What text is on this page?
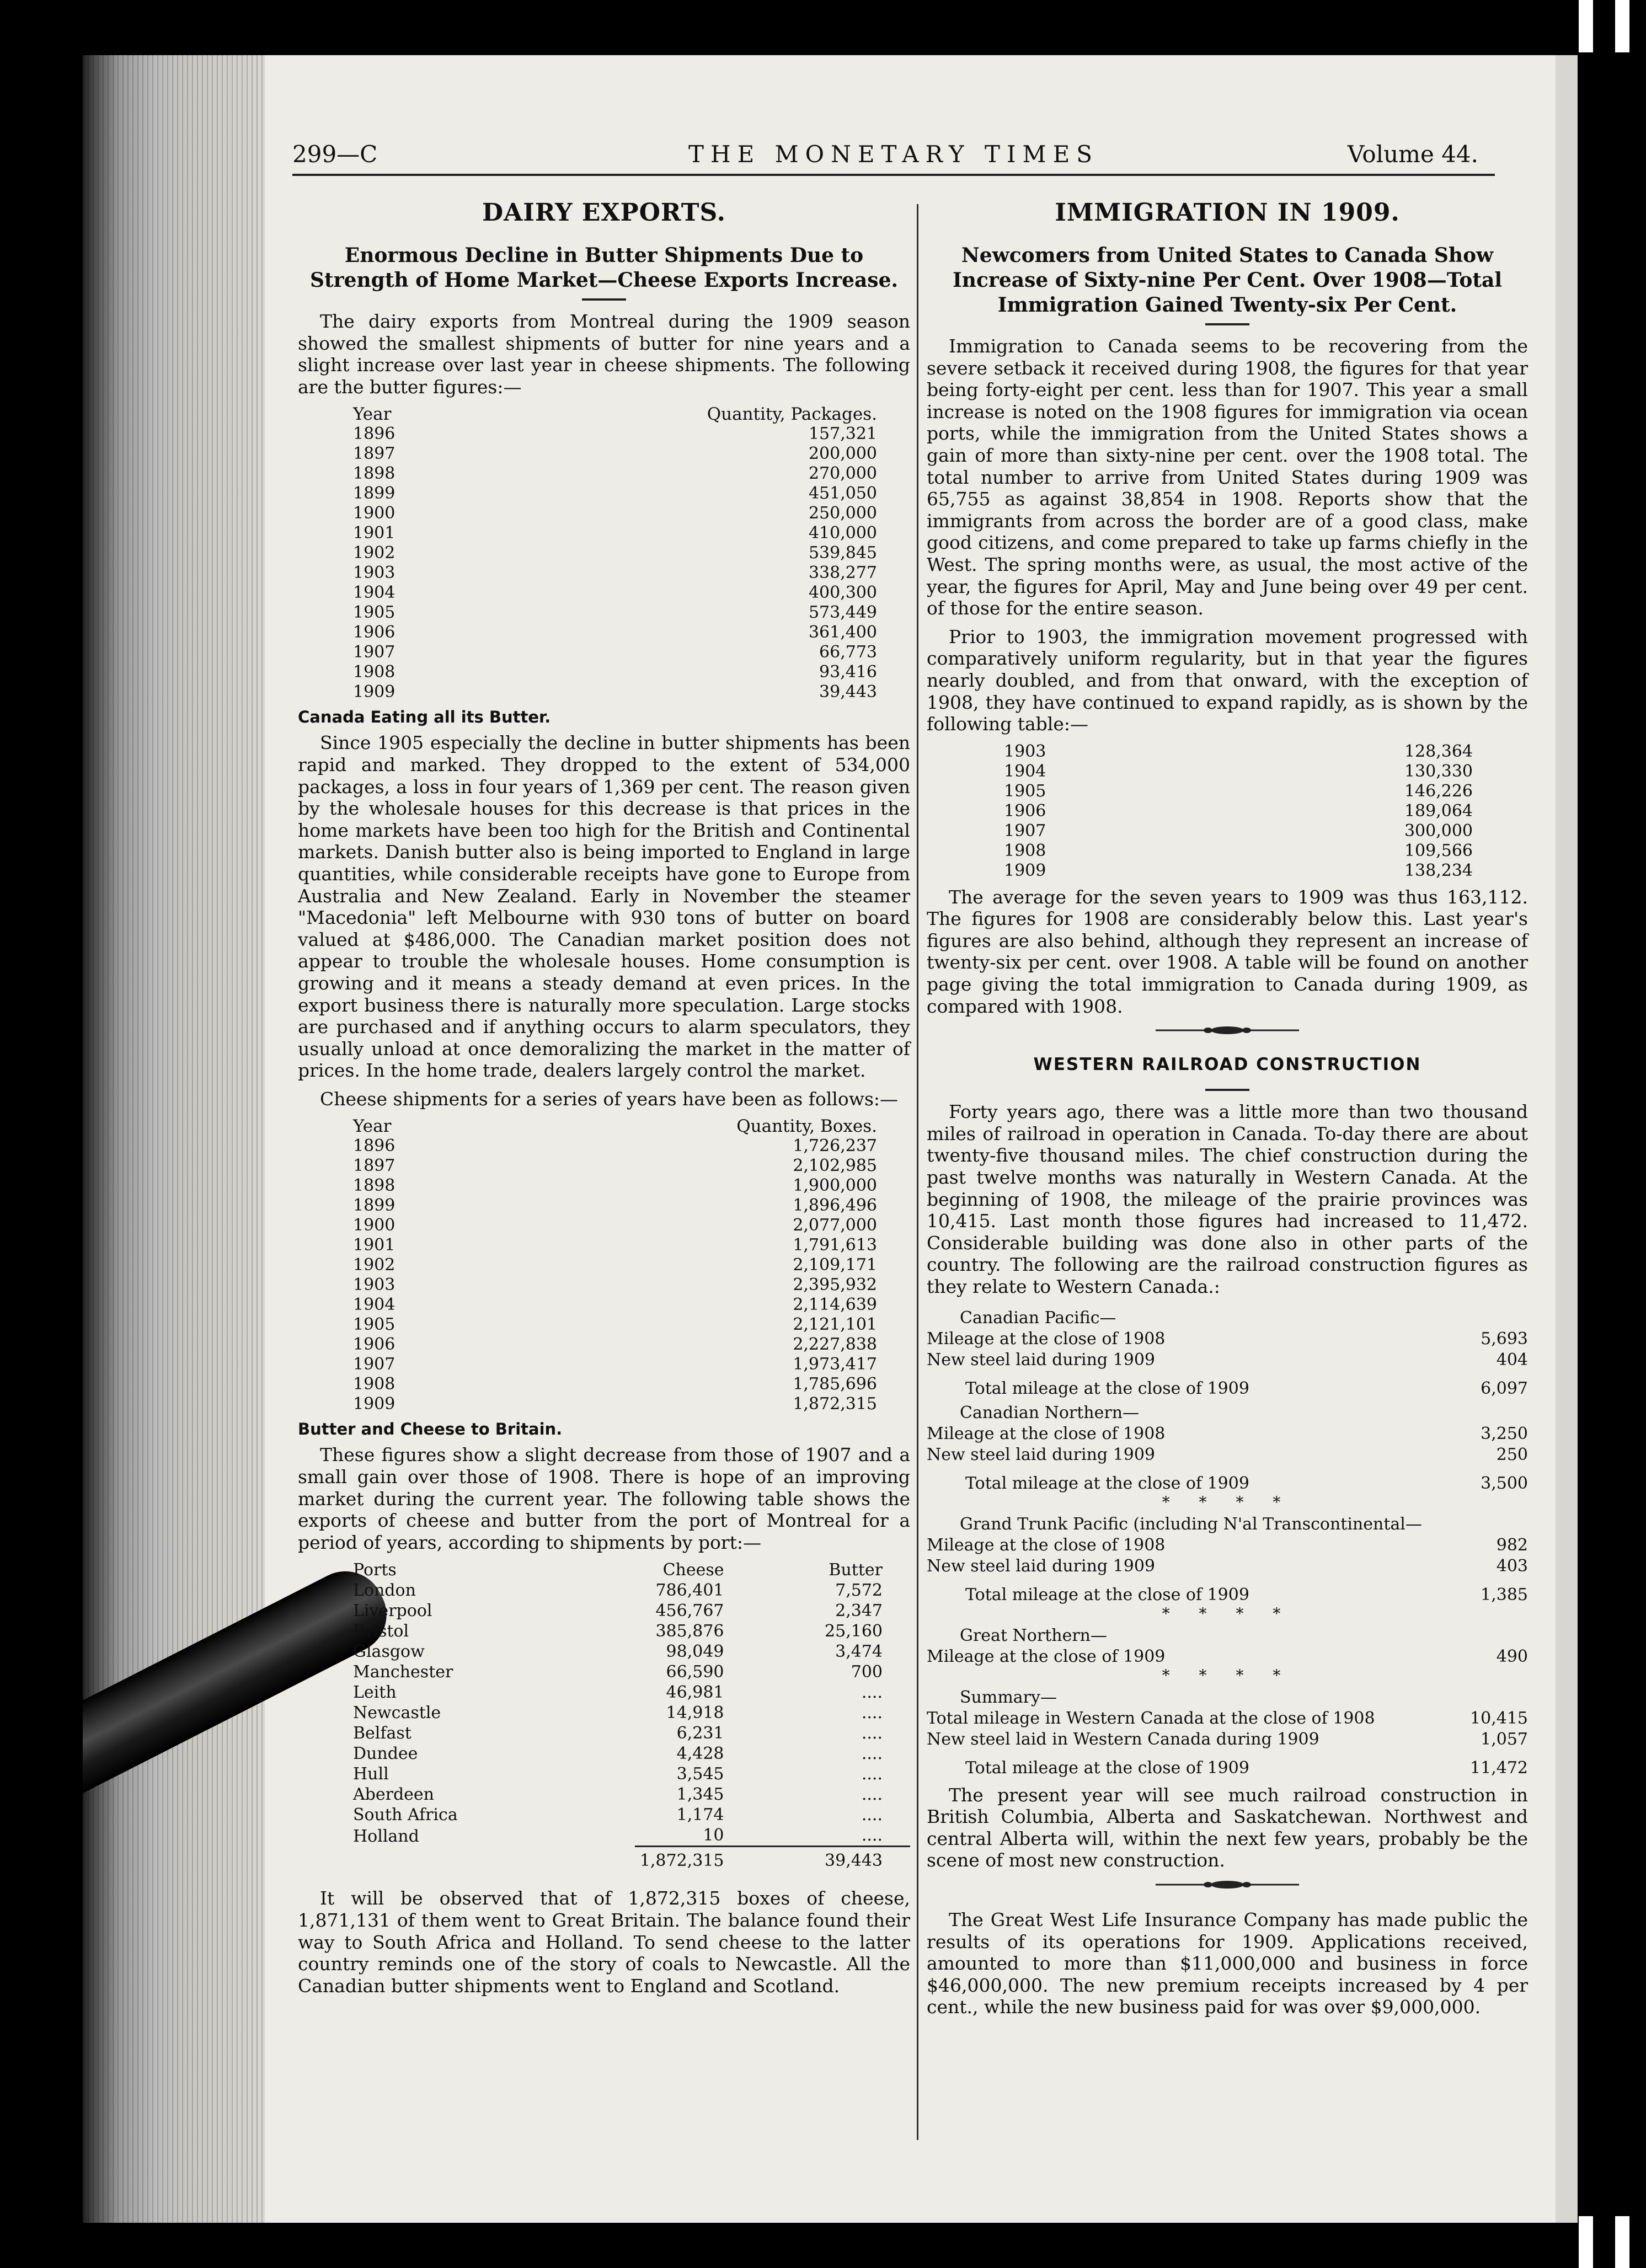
299—C	THE MONETARY TIMES	Volume 44.
DAIRY EXPORTS.
Enormous Decline in Butter Shipments Due to Strength of Home Market—Cheese Exports Increase.

The dairy exports from Montreal during the 1909 season showed the smallest shipments of butter for nine years and a slight increase over last year in cheese shipments. The following are the butter figures:—

Year	Quantity, Packages.
1896	157,321
1897	200,000
1898	270,000
1899	451,050
1900	250,000
1901	410,000
1902	539,845
1903	338,277
1904	400,300
1905	573,449
1906	361,400
1907	66,773
1908	93,416
1909	39,443
Canada Eating all its Butter.

Since 1905 especially the decline in butter shipments has been rapid and marked. They dropped to the extent of 534,000 packages, a loss in four years of 1,369 per cent. The reason given by the wholesale houses for this decrease is that prices in the home markets have been too high for the British and Continental markets. Danish butter also is being imported to England in large quantities, while considerable receipts have gone to Europe from Australia and New Zealand. Early in November the steamer "Macedonia" left Melbourne with 930 tons of butter on board valued at $486,000. The Canadian market position does not appear to trouble the wholesale houses. Home consumption is growing and it means a steady demand at even prices. In the export business there is naturally more speculation. Large stocks are purchased and if anything occurs to alarm speculators, they usually unload at once demoralizing the market in the matter of prices. In the home trade, dealers largely control the market.

Cheese shipments for a series of years have been as follows:—

Year	Quantity, Boxes.
1896	1,726,237
1897	2,102,985
1898	1,900,000
1899	1,896,496
1900	2,077,000
1901	1,791,613
1902	2,109,171
1903	2,395,932
1904	2,114,639
1905	2,121,101
1906	2,227,838
1907	1,973,417
1908	1,785,696
1909	1,872,315
Butter and Cheese to Britain.

These figures show a slight decrease from those of 1907 and a small gain over those of 1908. There is hope of an improving market during the current year. The following table shows the exports of cheese and butter from the port of Montreal for a period of years, according to shipments by port:—

Ports	Cheese	Butter
London	786,401	7,572
Liverpool	456,767	2,347
Bristol	385,876	25,160
Glasgow	98,049	3,474
Manchester	66,590	700
Leith	46,981	....
Newcastle	14,918	....
Belfast	6,231	....
Dundee	4,428	....
Hull	3,545	....
Aberdeen	1,345	....
South Africa	1,174	....
Holland	10	....
	1,872,315	39,443

It will be observed that of 1,872,315 boxes of cheese, 1,871,131 of them went to Great Britain. The balance found their way to South Africa and Holland. To send cheese to the latter country reminds one of the story of coals to Newcastle. All the Canadian butter shipments went to England and Scotland.

IMMIGRATION IN 1909.
Newcomers from United States to Canada Show Increase of Sixty-nine Per Cent. Over 1908—Total Immigration Gained Twenty-six Per Cent.

Immigration to Canada seems to be recovering from the severe setback it received during 1908, the figures for that year being forty-eight per cent. less than for 1907. This year a small increase is noted on the 1908 figures for immigration via ocean ports, while the immigration from the United States shows a gain of more than sixty-nine per cent. over the 1908 total. The total number to arrive from United States during 1909 was 65,755 as against 38,854 in 1908. Reports show that the immigrants from across the border are of a good class, make good citizens, and come prepared to take up farms chiefly in the West. The spring months were, as usual, the most active of the year, the figures for April, May and June being over 49 per cent. of those for the entire season.

Prior to 1903, the immigration movement progressed with comparatively uniform regularity, but in that year the figures nearly doubled, and from that onward, with the exception of 1908, they have continued to expand rapidly, as is shown by the following table:—

1903	128,364
1904	130,330
1905	146,226
1906	189,064
1907	300,000
1908	109,566
1909	138,234

The average for the seven years to 1909 was thus 163,112. The figures for 1908 are considerably below this. Last year's figures are also behind, although they represent an increase of twenty-six per cent. over 1908. A table will be found on another page giving the total immigration to Canada during 1909, as compared with 1908.

WESTERN RAILROAD CONSTRUCTION

Forty years ago, there was a little more than two thousand miles of railroad in operation in Canada. To-day there are about twenty-five thousand miles. The chief construction during the past twelve months was naturally in Western Canada. At the beginning of 1908, the mileage of the prairie provinces was 10,415. Last month those figures had increased to 11,472. Considerable building was done also in other parts of the country. The following are the railroad construction figures as they relate to Western Canada.:

Canadian Pacific—	
Mileage at the close of 1908	5,693
New steel laid during 1909	404
Total mileage at the close of 1909	6,097
Canadian Northern—	
Mileage at the close of 1908	3,250
New steel laid during 1909	250
Total mileage at the close of 1909	3,500
* * * *	
Grand Trunk Pacific (including N'al Transcontinental—	
Mileage at the close of 1908	982
New steel laid during 1909	403
Total mileage at the close of 1909	1,385
* * * *	
Great Northern—	
Mileage at the close of 1909	490
* * * *	
Summary—	
Total mileage in Western Canada at the close of 1908	10,415
New steel laid in Western Canada during 1909	1,057
Total mileage at the close of 1909	11,472

The present year will see much railroad construction in British Columbia, Alberta and Saskatchewan. Northwest and central Alberta will, within the next few years, probably be the scene of most new construction.

The Great West Life Insurance Company has made public the results of its operations for 1909. Applications received, amounted to more than $11,000,000 and business in force $46,000,000. The new premium receipts increased by 4 per cent., while the new business paid for was over $9,000,000.
